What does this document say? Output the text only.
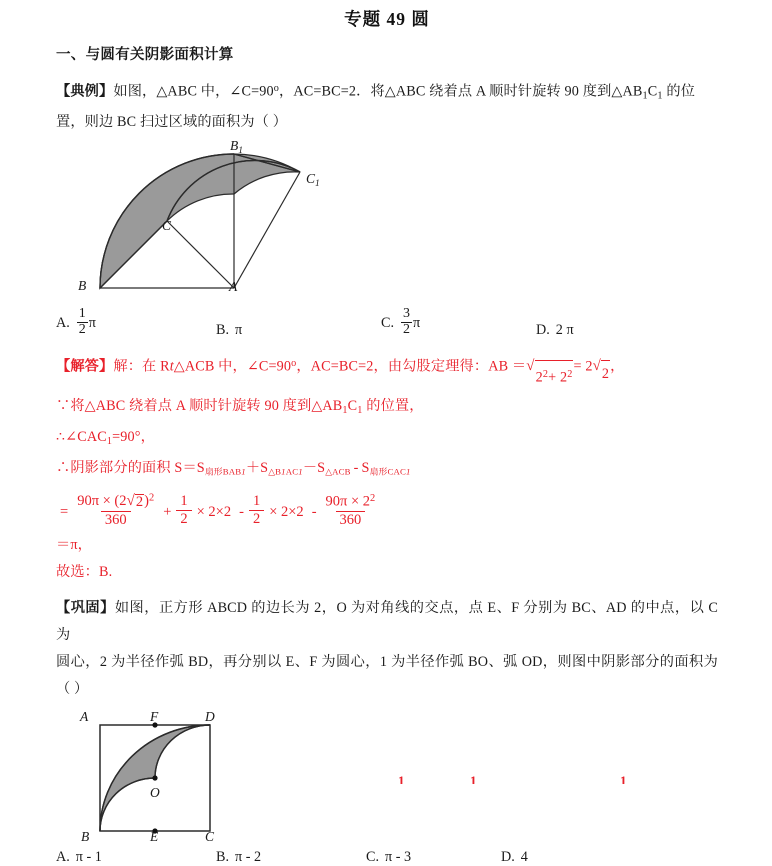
专题 49 圆
一、与圆有关阴影面积计算
【典例】如图，△ABC 中，$\angle C=90^o$，AC=BC=2．将△ABC 绕着点 A 顺时针旋转 90 度到$\triangle AB_1C_1$ 的位
置，则边 BC 扫过区域的面积为（ ）
B	A
C
$B_1$
$C_1$
A. $\frac{1}{2}$ π	B. π	C. $\frac{3}{2}$ π	D. 2 π
【解答】解：在 Rt△ACB 中，$\angle C=90^o$，AC=BC=2，由勾股定理得：AB ＝ √
$2^2+ 2^2$
= 2 √ 2 ，
∵将△ABC 绕着点 A 顺时针旋转 90 度到$\triangle AB_1C_1$ 的位置，
$\therefore\angle CAC_1=90^\circ$，
∴阴影部分的面积 $S=S_{扇形BAB1}+S_{\triangle B1AC1}-S_{\triangle ACB} - S_{扇形CAC1}$
= $\frac{90\pi \times (2 √ 2 )^2}{360} + \frac{1}{2} \times 2\times 2 - \frac{1}{2} \times 2\times 2 - \frac{90\pi \times 2^2}{360}$
＝π，
故选：B.
【巩固】如图，正方形 ABCD 的边长为 2，O 为对角线的交点，点 E、F 分别为 BC、AD 的中点，以 C 为
圆心，2 为半径作弧 BD，再分别以 E、F 为圆心，1 为半径作弧 BO、弧 OD，则图中阴影部分的面积为（ ）
A	F	D
O
B	E	C
A. π - 1	B. π - 2	C. π - 3	D. 4
1	1	1
